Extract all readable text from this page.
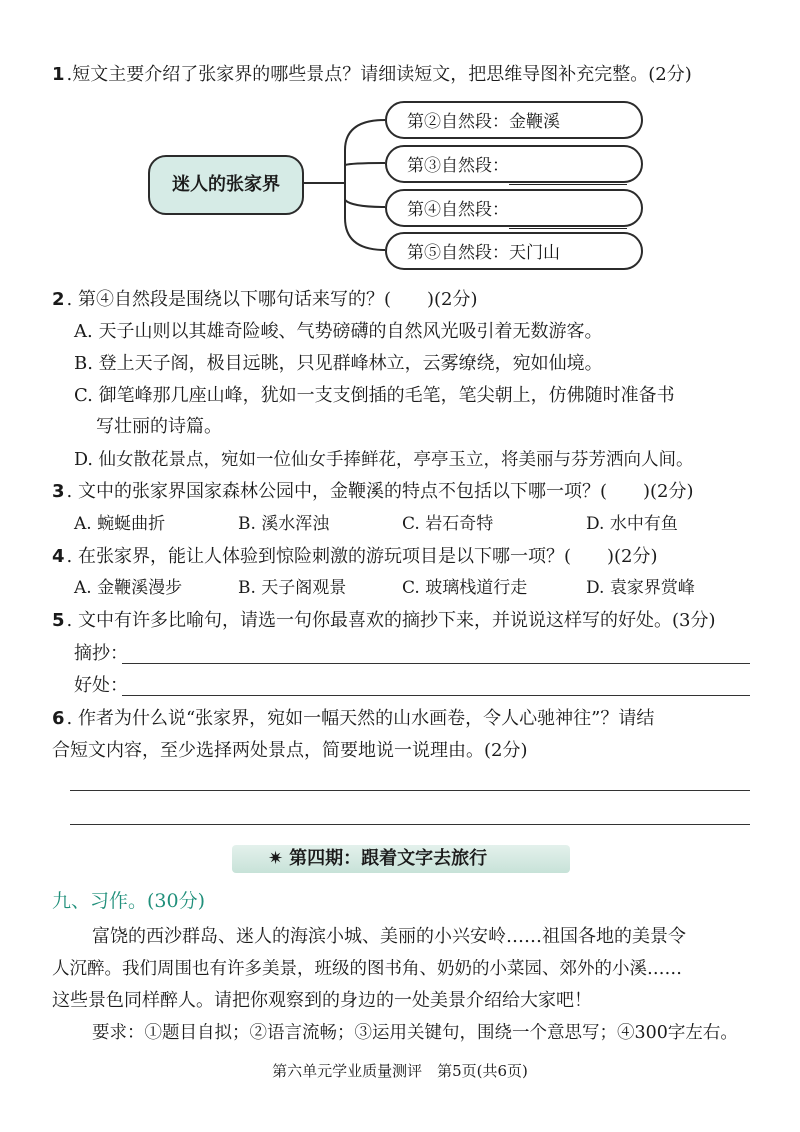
1 .短文主要介绍了张家界的哪些景点？请细读短文，把思维导图补充完整。(2分)
迷人的张家界
第②自然段：金鞭溪
第③自然段：
第④自然段：
第⑤自然段：天门山
2 . 第④自然段是围绕以下哪句话来写的？(　　)(2分)
A. 天子山则以其雄奇险峻、气势磅礴的自然风光吸引着无数游客。
B. 登上天子阁，极目远眺，只见群峰林立，云雾缭绕，宛如仙境。
C. 御笔峰那几座山峰，犹如一支支倒插的毛笔，笔尖朝上，仿佛随时准备书
写壮丽的诗篇。
D. 仙女散花景点，宛如一位仙女手捧鲜花，亭亭玉立，将美丽与芬芳洒向人间。
3 . 文中的张家界国家森林公园中，金鞭溪的特点不包括以下哪一项？(　　)(2分)
A. 蜿蜒曲折	B. 溪水浑浊	C. 岩石奇特	D. 水中有鱼
4 . 在张家界，能让人体验到惊险刺激的游玩项目是以下哪一项？(　　)(2分)
A. 金鞭溪漫步	B. 天子阁观景	C. 玻璃栈道行走	D. 袁家界赏峰
5 . 文中有许多比喻句，请选一句你最喜欢的摘抄下来，并说说这样写的好处。(3分)
摘抄：
好处：
6 . 作者为什么说“张家界，宛如一幅天然的山水画卷，令人心驰神往”？请结
合短文内容，至少选择两处景点，简要地说一说理由。(2分)
✷ 第四期：跟着文字去旅行
九、习作。(30分)
富饶的西沙群岛、迷人的海滨小城、美丽的小兴安岭……祖国各地的美景令
人沉醉。我们周围也有许多美景，班级的图书角、奶奶的小菜园、郊外的小溪……
这些景色同样醉人。请把你观察到的身边的一处美景介绍给大家吧！
要求：①题目自拟；②语言流畅；③运用关键句，围绕一个意思写；④300字左右。
第六单元学业质量测评　第5页(共6页)
